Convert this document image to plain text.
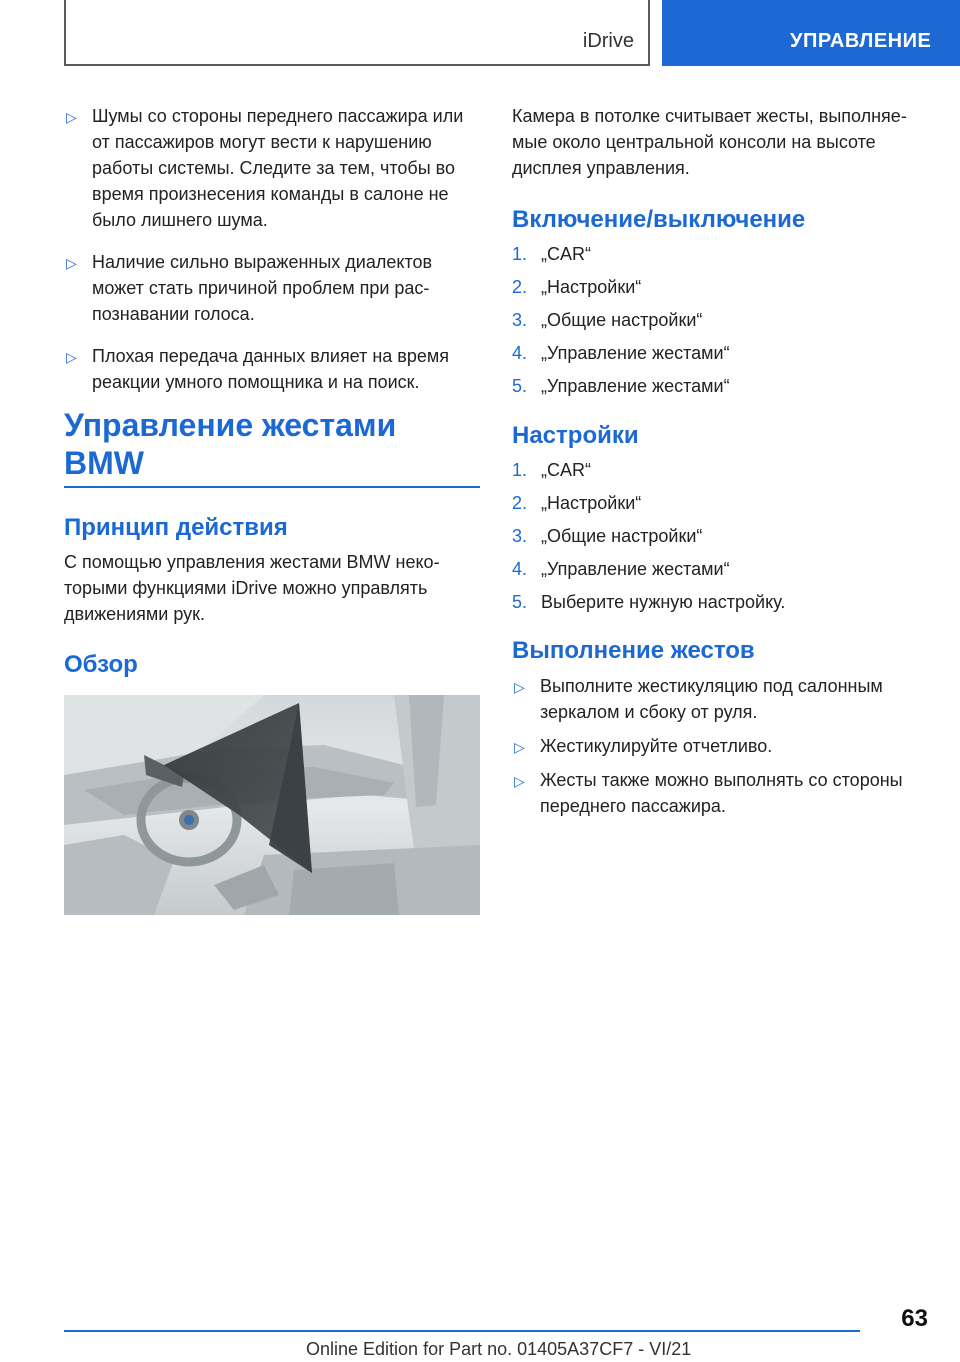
iDrive	УПРАВЛЕНИЕ
▷ Шумы со стороны переднего пассажира или от пассажиров могут вести к нарушению работы системы. Следите за тем, чтобы во время произнесения команды в салоне не было лишнего шума.
▷ Наличие сильно выраженных диалектов может стать причиной проблем при распознавании голоса.
▷ Плохая передача данных влияет на время реакции умного помощника и на поиск.
Управление жестами BMW
Принцип действия

С помощью управления жестами BMW некоторыми функциями iDrive можно управлять движениями рук.

Обзор

Камера в потолке считывает жесты, выполняемые около центральной консоли на высоте дисплея управления.

Включение/выключение
1. „CAR“
2. „Настройки“
3. „Общие настройки“
4. „Управление жестами“
5. „Управление жестами“
Настройки
1. „CAR“
2. „Настройки“
3. „Общие настройки“
4. „Управление жестами“
5. Выберите нужную настройку.
Выполнение жестов
▷ Выполните жестикуляцию под салонным зеркалом и сбоку от руля.
▷ Жестикулируйте отчетливо.
▷ Жесты также можно выполнять со стороны переднего пассажира.
63
Online Edition for Part no. 01405A37CF7 - VI/21
